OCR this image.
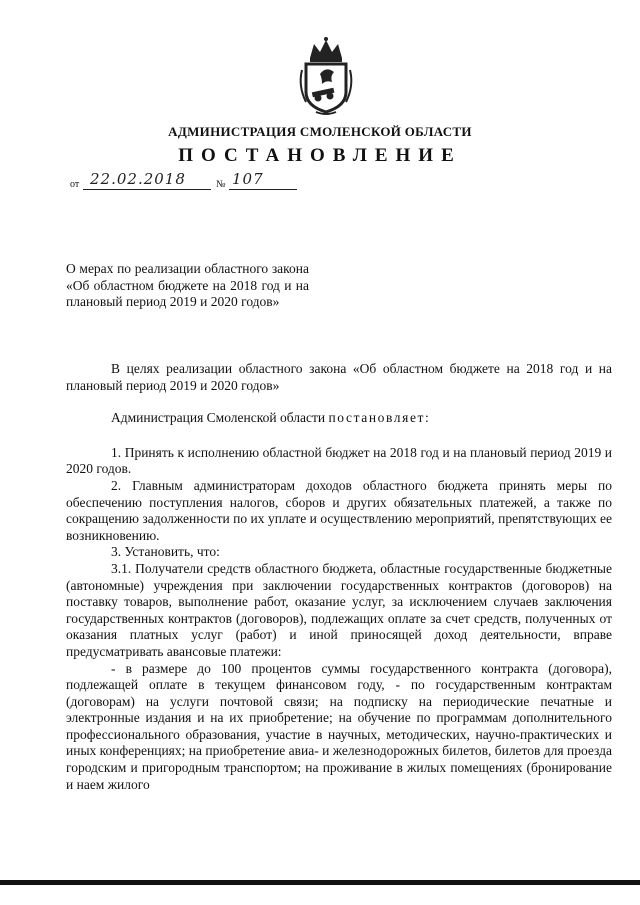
АДМИНИСТРАЦИЯ СМОЛЕНСКОЙ ОБЛАСТИ
ПОСТАНОВЛЕНИЕ
от 22.02.2018	№ 107
О мерах по реализации областного закона «Об областном бюджете на 2018 год и на плановый период 2019 и 2020 годов»

В целях реализации областного закона «Об областном бюджете на 2018 год и на плановый период 2019 и 2020 годов»

Администрация Смоленской области постановляет:

1. Принять к исполнению областной бюджет на 2018 год и на плановый период 2019 и 2020 годов.

2. Главным администраторам доходов областного бюджета принять меры по обеспечению поступления налогов, сборов и других обязательных платежей, а также по сокращению задолженности по их уплате и осуществлению мероприятий, препятствующих ее возникновению.

3. Установить, что:

3.1. Получатели средств областного бюджета, областные государственные бюджетные (автономные) учреждения при заключении государственных контрактов (договоров) на поставку товаров, выполнение работ, оказание услуг, за исключением случаев заключения государственных контрактов (договоров), подлежащих оплате за счет средств, полученных от оказания платных услуг (работ) и иной приносящей доход деятельности, вправе предусматривать авансовые платежи:

- в размере до 100 процентов суммы государственного контракта (договора), подлежащей оплате в текущем финансовом году, - по государственным контрактам (договорам) на услуги почтовой связи; на подписку на периодические печатные и электронные издания и на их приобретение; на обучение по программам дополнительного профессионального образования, участие в научных, методических, научно-практических и иных конференциях; на приобретение авиа- и железнодорожных билетов, билетов для проезда городским и пригородным транспортом; на проживание в жилых помещениях (бронирование и наем жилого
